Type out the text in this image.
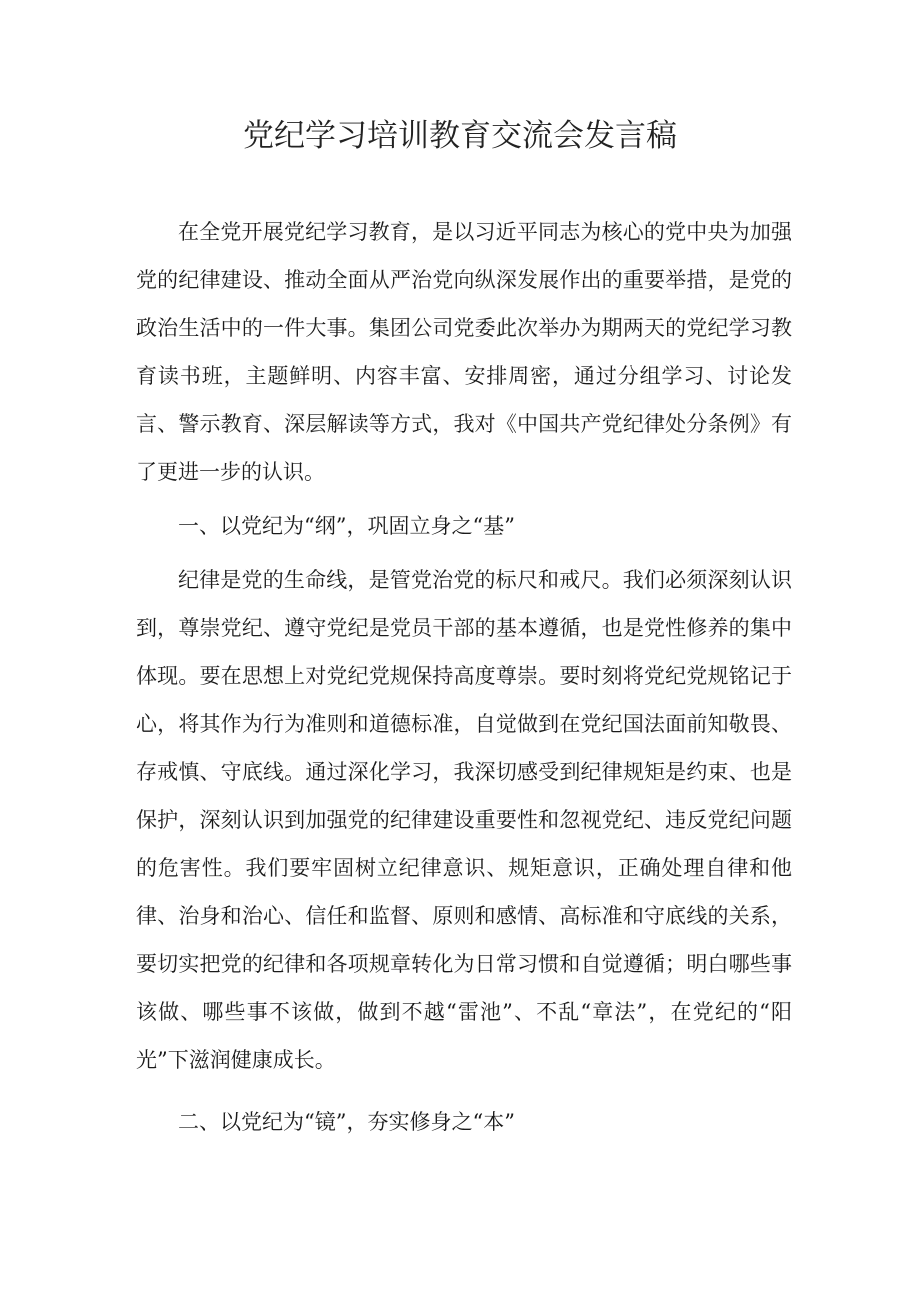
党纪学习培训教育交流会发言稿

在全党开展党纪学习教育，是以习近平同志为核心的党中央为加强党的纪律建设、推动全面从严治党向纵深发展作出的重要举措，是党的政治生活中的一件大事。集团公司党委此次举办为期两天的党纪学习教育读书班，主题鲜明、内容丰富、安排周密，通过分组学习、讨论发言、警示教育、深层解读等方式，我对《中国共产党纪律处分条例》有了更进一步的认识。

一、以党纪为“纲”，巩固立身之“基”

纪律是党的生命线，是管党治党的标尺和戒尺。我们必须深刻认识到，尊崇党纪、遵守党纪是党员干部的基本遵循，也是党性修养的集中体现。要在思想上对党纪党规保持高度尊崇。要时刻将党纪党规铭记于心，将其作为行为准则和道德标准，自觉做到在党纪国法面前知敬畏、存戒慎、守底线。通过深化学习，我深切感受到纪律规矩是约束、也是保护，深刻认识到加强党的纪律建设重要性和忽视党纪、违反党纪问题的危害性。我们要牢固树立纪律意识、规矩意识，正确处理自律和他律、治身和治心、信任和监督、原则和感情、高标准和守底线的关系，要切实把党的纪律和各项规章转化为日常习惯和自觉遵循；明白哪些事该做、哪些事不该做，做到不越“雷池”、不乱“章法”，在党纪的“阳光”下滋润健康成长。

二、以党纪为“镜”，夯实修身之“本”
